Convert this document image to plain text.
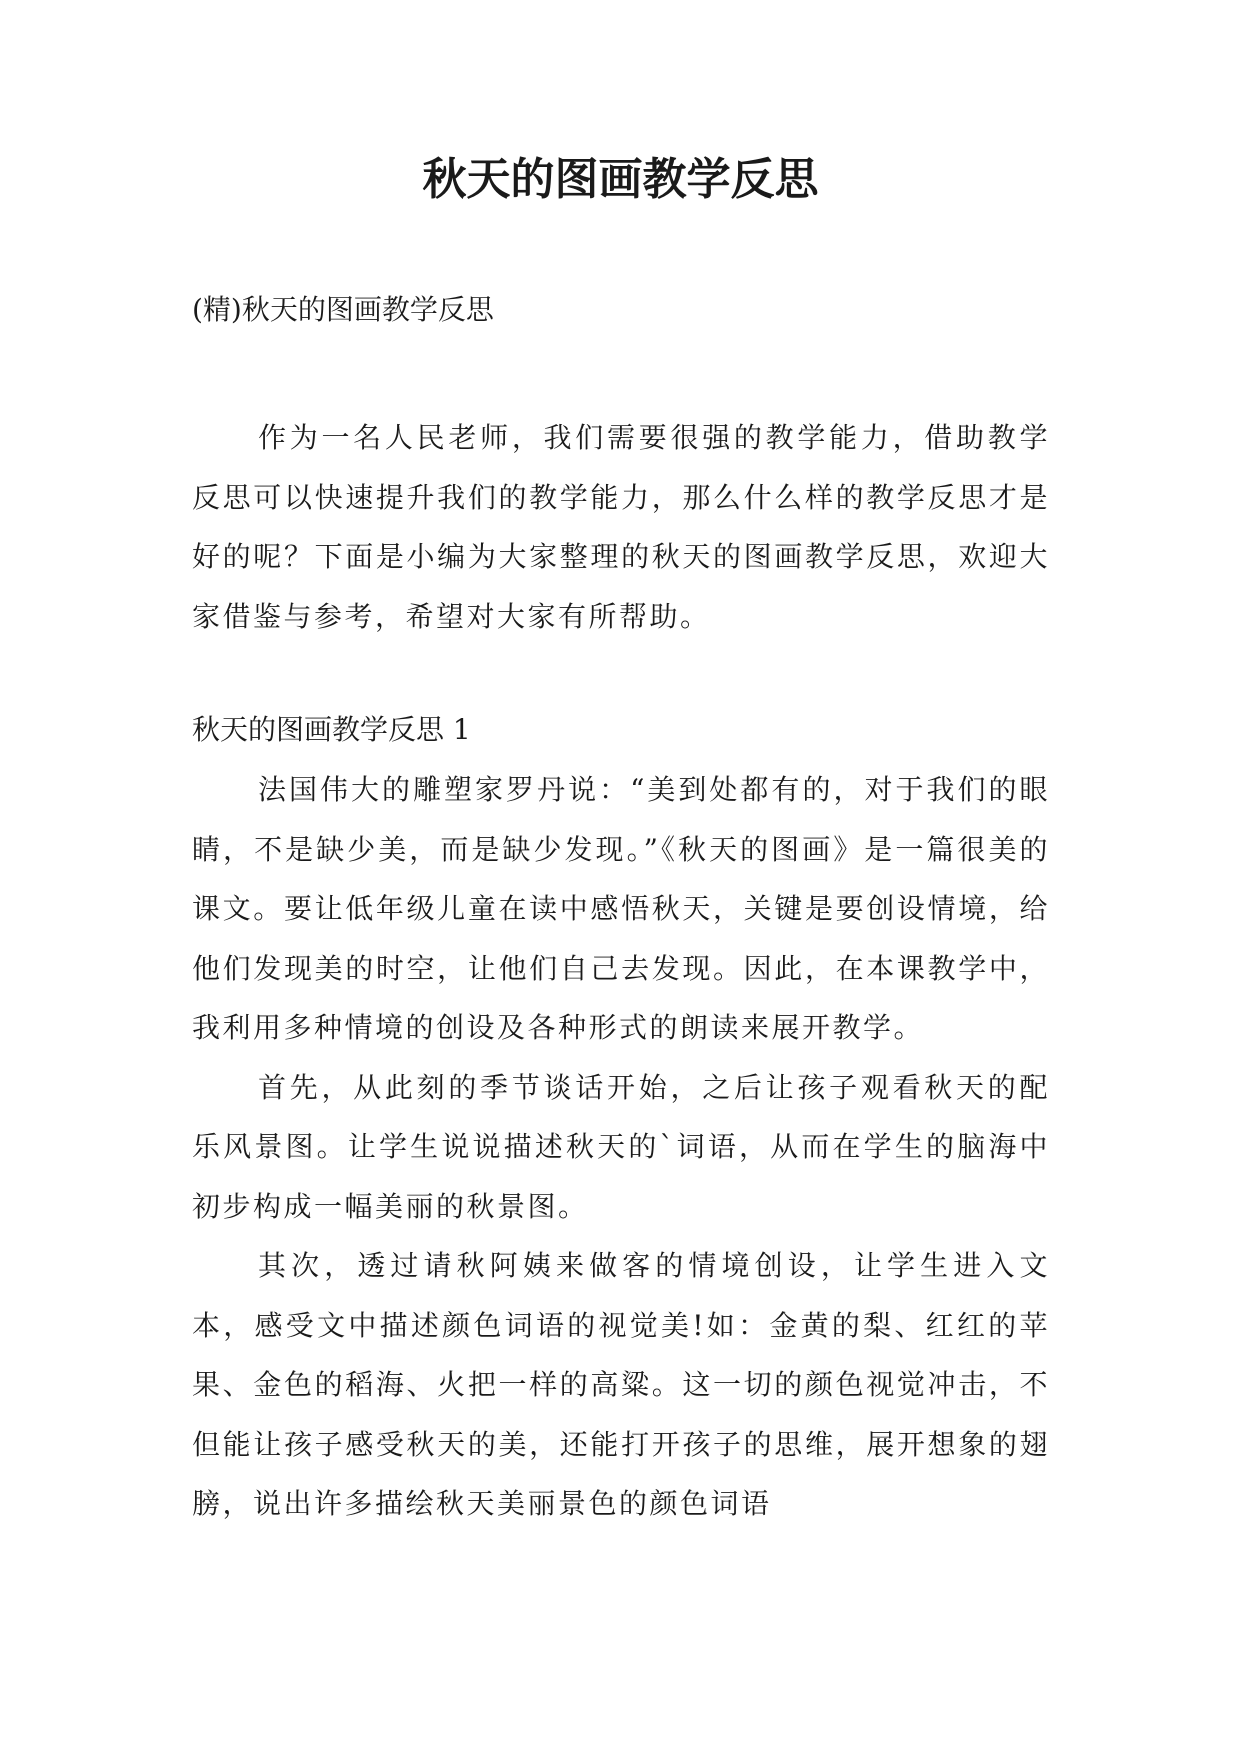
秋天的图画教学反思

(精)秋天的图画教学反思

作为一名人民老师，我们需要很强的教学能力，借助教学反思可以快速提升我们的教学能力，那么什么样的教学反思才是好的呢？下面是小编为大家整理的秋天的图画教学反思，欢迎大家借鉴与参考，希望对大家有所帮助。

秋天的图画教学反思 1

法国伟大的雕塑家罗丹说：“美到处都有的，对于我们的眼睛，不是缺少美，而是缺少发现。”《秋天的图画》是一篇很美的课文。要让低年级儿童在读中感悟秋天，关键是要创设情境，给他们发现美的时空，让他们自己去发现。因此，在本课教学中，我利用多种情境的创设及各种形式的朗读来展开教学。

首先，从此刻的季节谈话开始，之后让孩子观看秋天的配乐风景图。让学生说说描述秋天的`词语，从而在学生的脑海中初步构成一幅美丽的秋景图。

其次，透过请秋阿姨来做客的情境创设，让学生进入文本，感受文中描述颜色词语的视觉美!如：金黄的梨、红红的苹果、金色的稻海、火把一样的高粱。这一切的颜色视觉冲击，不但能让孩子感受秋天的美，还能打开孩子的思维，展开想象的翅膀，说出许多描绘秋天美丽景色的颜色词语
